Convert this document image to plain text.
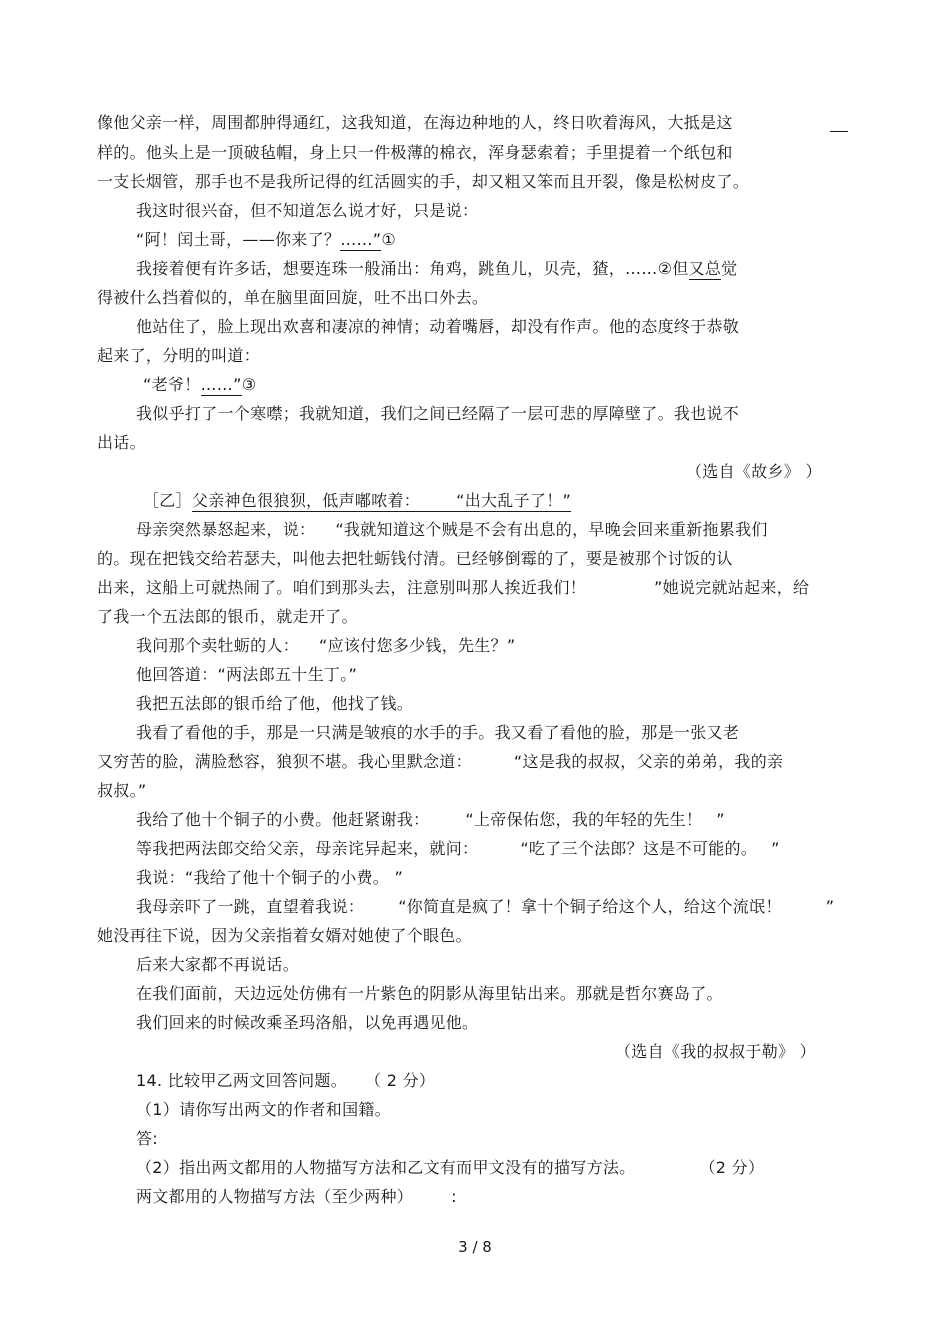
像他父亲一样，周围都肿得通红，这我知道，在海边种地的人，终日吹着海风，大抵是这
样的。他头上是一顶破毡帽，身上只一件极薄的棉衣，浑身瑟索着；手里提着一个纸包和
一支长烟管，那手也不是我所记得的红活圆实的手，却又粗又笨而且开裂，像是松树皮了。
我这时很兴奋，但不知道怎么说才好，只是说：
“阿！闰土哥，——你来了？……”①
我接着便有许多话，想要连珠一般涌出：角鸡，跳鱼儿，贝壳，猹，……②但又总觉
得被什么挡着似的，单在脑里面回旋，吐不出口外去。
他站住了，脸上现出欢喜和凄凉的神情；动着嘴唇，却没有作声。他的态度终于恭敬
起来了，分明的叫道：
“老爷！……”③
我似乎打了一个寒噤；我就知道，我们之间已经隔了一层可悲的厚障壁了。我也说不
出话。
（选自《故乡》 ）
［乙］父亲神色很狼狈，低声嘟哝着： “出大乱子了！”
母亲突然暴怒起来，说： “我就知道这个贼是不会有出息的，早晚会回来重新拖累我们
的。现在把钱交给若瑟夫，叫他去把牡蛎钱付清。已经够倒霉的了，要是被那个讨饭的认
出来，这船上可就热闹了。咱们到那头去，注意别叫那人挨近我们！	”她说完就站起来，给
了我一个五法郎的银币，就走开了。
我问那个卖牡蛎的人： “应该付您多少钱，先生？”
他回答道：“两法郎五十生丁。”
我把五法郎的银币给了他，他找了钱。
我看了看他的手，那是一只满是皱痕的水手的手。我又看了看他的脸，那是一张又老
又穷苦的脸，满脸愁容，狼狈不堪。我心里默念道：	“这是我的叔叔，父亲的弟弟，我的亲
叔叔。”
我给了他十个铜子的小费。他赶紧谢我： “上帝保佑您，我的年轻的先生！ ”
等我把两法郎交给父亲，母亲诧异起来，就问：	“吃了三个法郎？这是不可能的。 ”
我说：“我给了他十个铜子的小费。 ”
我母亲吓了一跳，直望着我说： “你简直是疯了！拿十个铜子给这个人，给这个流氓！	”
她没再往下说，因为父亲指着女婿对她使了个眼色。
后来大家都不再说话。
在我们面前，天边远处仿佛有一片紫色的阴影从海里钻出来。那就是哲尔赛岛了。
我们回来的时候改乘圣玛洛船，以免再遇见他。
（选自《我的叔叔于勒》 ）
14. 比较甲乙两文回答问题。 （ 2 分）
（1）请你写出两文的作者和国籍。
答:
（2）指出两文都用的人物描写方法和乙文有而甲文没有的描写方法。	（2 分）
两文都用的人物描写方法（至少两种） :
3 / 8
